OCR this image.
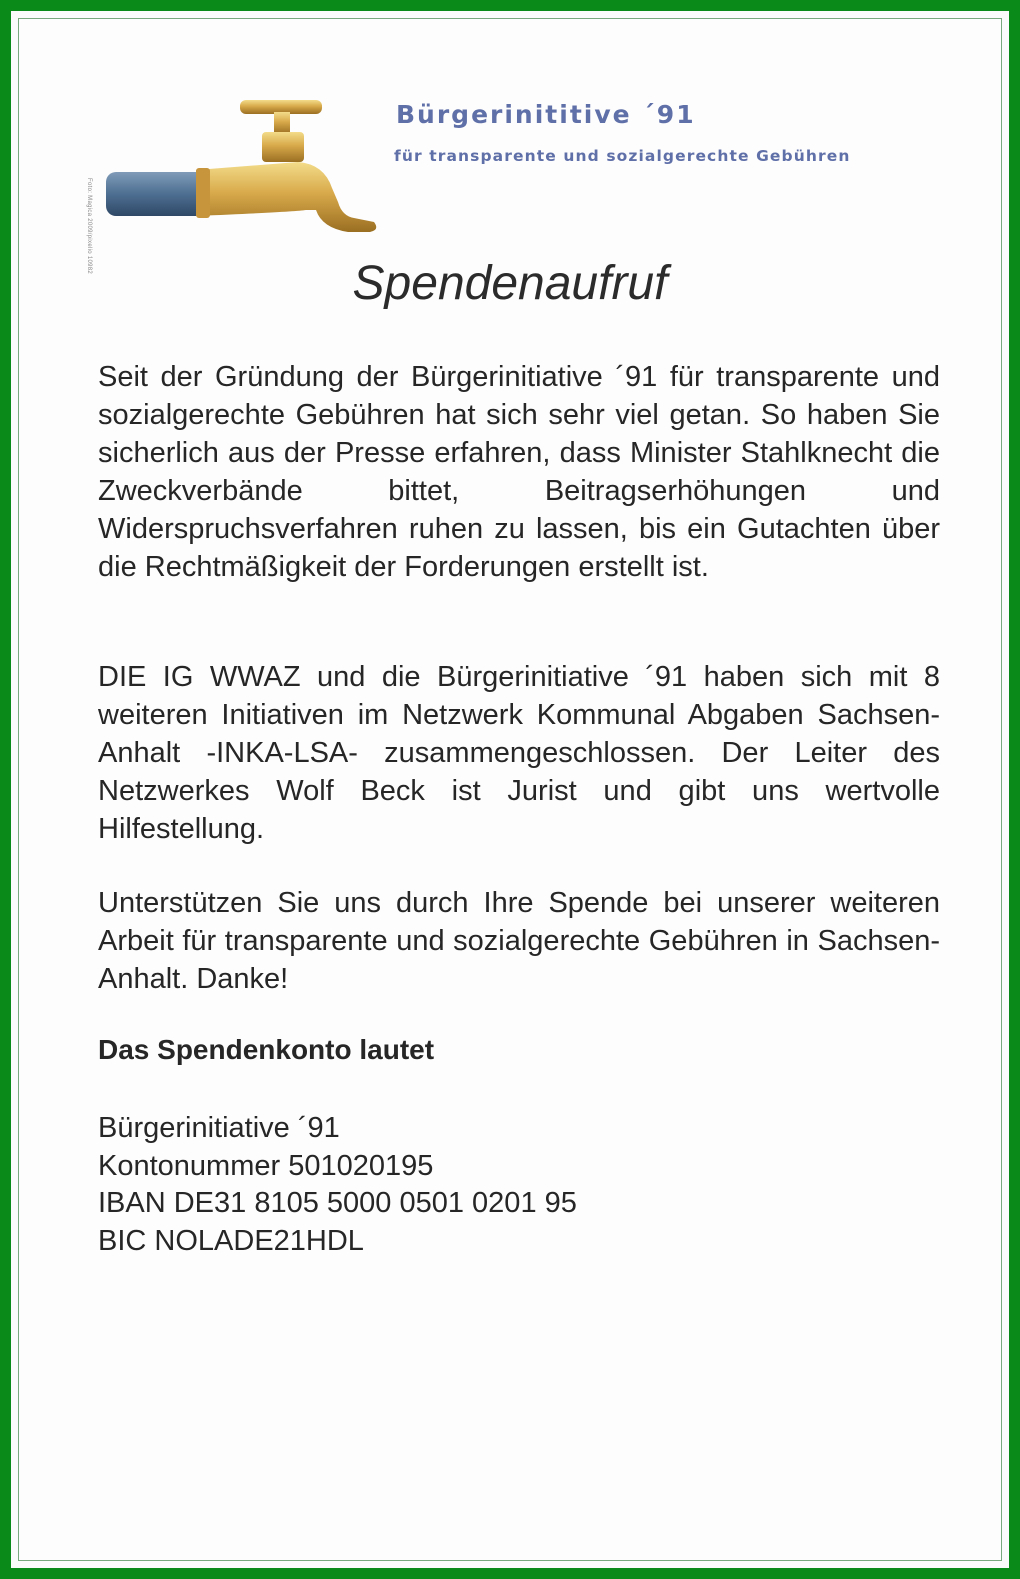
Foto: Magica 2009/pixelio 10982
Bürgerinititive ´91
für transparente und sozialgerechte Gebühren
Spendenaufruf
Seit der Gründung der Bürgerinitiative ´91 für transparente und sozialgerechte Gebühren hat sich sehr viel getan. So haben Sie sicherlich aus der Presse erfahren, dass Minister Stahlknecht die Zweckverbände bittet, Beitragserhöhungen und Widerspruchsverfahren ruhen zu lassen, bis ein Gutachten über die Rechtmäßigkeit der Forderungen erstellt ist.
DIE IG WWAZ und die Bürgerinitiative ´91 haben sich mit 8 weiteren Initiativen im Netzwerk Kommunal Abgaben Sachsen-Anhalt -INKA-LSA- zusammengeschlossen. Der Leiter des Netzwerkes Wolf Beck ist Jurist und gibt uns wertvolle Hilfestellung.
Unterstützen Sie uns durch Ihre Spende bei unserer weiteren Arbeit für transparente und sozialgerechte Gebühren in Sachsen-Anhalt. Danke!
Das Spendenkonto lautet
Bürgerinitiative ´91
Kontonummer 501020195
IBAN DE31 8105 5000 0501 0201 95
BIC NOLADE21HDL
